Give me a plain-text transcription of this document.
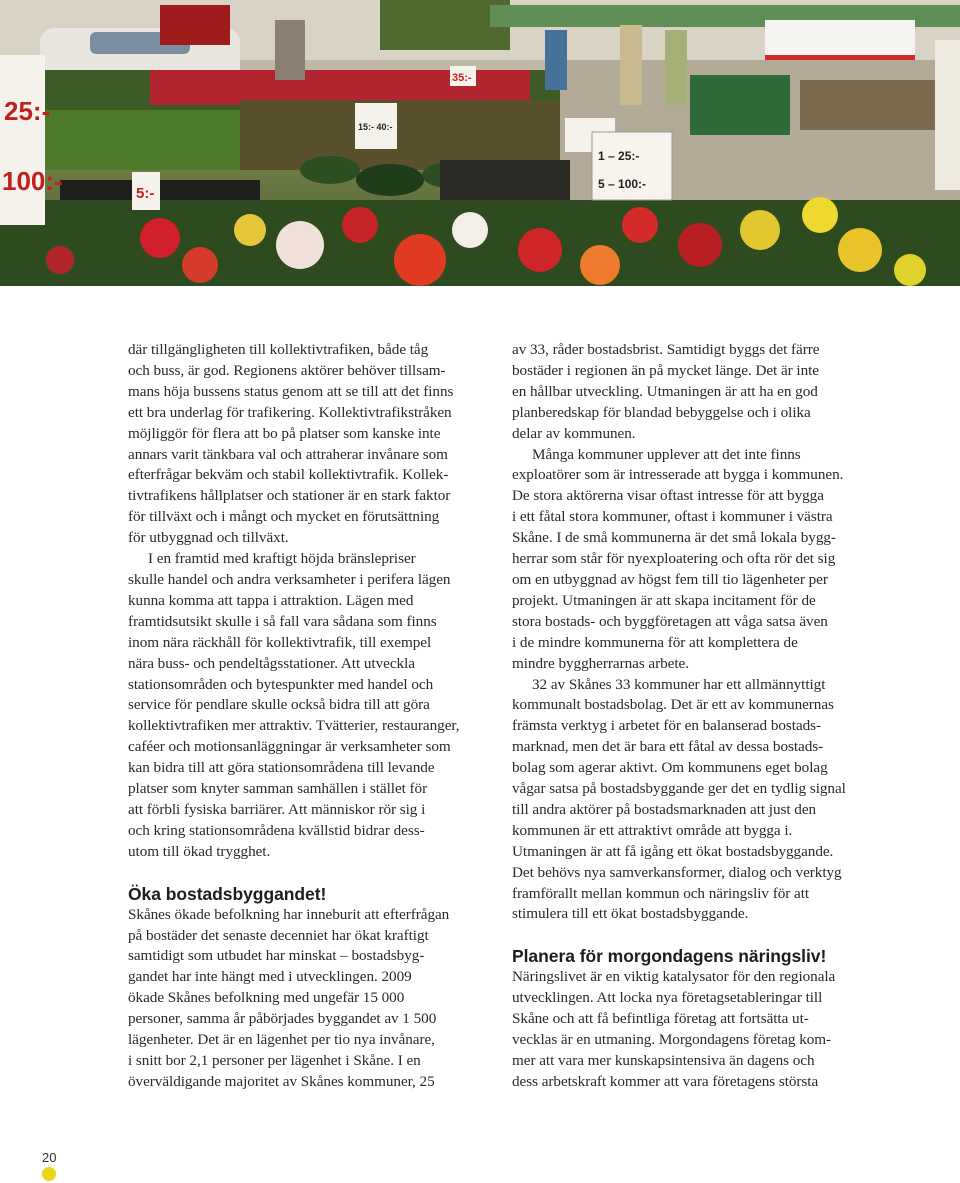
25:-
100:-	5:-
15:- 40:-
35:-
1 – 25:-
5 – 100:-

där tillgängligheten till kollektivtrafiken, både tåg
och buss, är god. Regionens aktörer behöver tillsam-
mans höja bussens status genom att se till att det finns
ett bra underlag för trafikering. Kollektivtrafikstråken
möjliggör för flera att bo på platser som kanske inte
annars varit tänkbara val och attraherar invånare som
efterfrågar bekväm och stabil kollektivtrafik. Kollek-
tivtrafikens hållplatser och stationer är en stark faktor
för tillväxt och i mångt och mycket en förutsättning
för utbyggnad och tillväxt.

I en framtid med kraftigt höjda bränslepriser
skulle handel och andra verksamheter i perifera lägen
kunna komma att tappa i attraktion. Lägen med
framtidsutsikt skulle i så fall vara sådana som finns
inom nära räckhåll för kollektivtrafik, till exempel
nära buss- och pendeltågsstationer. Att utveckla
stationsområden och bytespunkter med handel och
service för pendlare skulle också bidra till att göra
kollektivtrafiken mer attraktiv. Tvätterier, restauranger,
caféer och motionsanläggningar är verksamheter som
kan bidra till att göra stationsområdena till levande
platser som knyter samman samhällen i stället för
att förbli fysiska barriärer. Att människor rör sig i
och kring stationsområdena kvällstid bidrar dess-
utom till ökad trygghet.

Öka bostadsbyggandet!

Skånes ökade befolkning har inneburit att efterfrågan
på bostäder det senaste decenniet har ökat kraftigt
samtidigt som utbudet har minskat – bostadsbyg-
gandet har inte hängt med i utvecklingen. 2009
ökade Skånes befolkning med ungefär 15 000
personer, samma år påbörjades byggandet av 1 500
lägenheter. Det är en lägenhet per tio nya invånare,
i snitt bor 2,1 personer per lägenhet i Skåne. I en
överväldigande majoritet av Skånes kommuner, 25

av 33, råder bostadsbrist. Samtidigt byggs det färre
bostäder i regionen än på mycket länge. Det är inte
en hållbar utveckling. Utmaningen är att ha en god
planberedskap för blandad bebyggelse och i olika
delar av kommunen.

Många kommuner upplever att det inte finns
exploatörer som är intresserade att bygga i kommunen.
De stora aktörerna visar oftast intresse för att bygga
i ett fåtal stora kommuner, oftast i kommuner i västra
Skåne. I de små kommunerna är det små lokala bygg-
herrar som står för nyexploatering och ofta rör det sig
om en utbyggnad av högst fem till tio lägenheter per
projekt. Utmaningen är att skapa incitament för de
stora bostads- och byggföretagen att våga satsa även
i de mindre kommunerna för att komplettera de
mindre byggherrarnas arbete.

32 av Skånes 33 kommuner har ett allmännyttigt
kommunalt bostadsbolag. Det är ett av kommunernas
främsta verktyg i arbetet för en balanserad bostads-
marknad, men det är bara ett fåtal av dessa bostads-
bolag som agerar aktivt. Om kommunens eget bolag
vågar satsa på bostadsbyggande ger det en tydlig signal
till andra aktörer på bostadsmarknaden att just den
kommunen är ett attraktivt område att bygga i.
Utmaningen är att få igång ett ökat bostadsbyggande.
Det behövs nya samverkansformer, dialog och verktyg
framförallt mellan kommun och näringsliv för att
stimulera till ett ökat bostadsbyggande.

Planera för morgondagens näringsliv!

Näringslivet är en viktig katalysator för den regionala
utvecklingen. Att locka nya företagsetableringar till
Skåne och att få befintliga företag att fortsätta ut-
vecklas är en utmaning. Morgondagens företag kom-
mer att vara mer kunskapsintensiva än dagens och
dess arbetskraft kommer att vara företagens största

20
